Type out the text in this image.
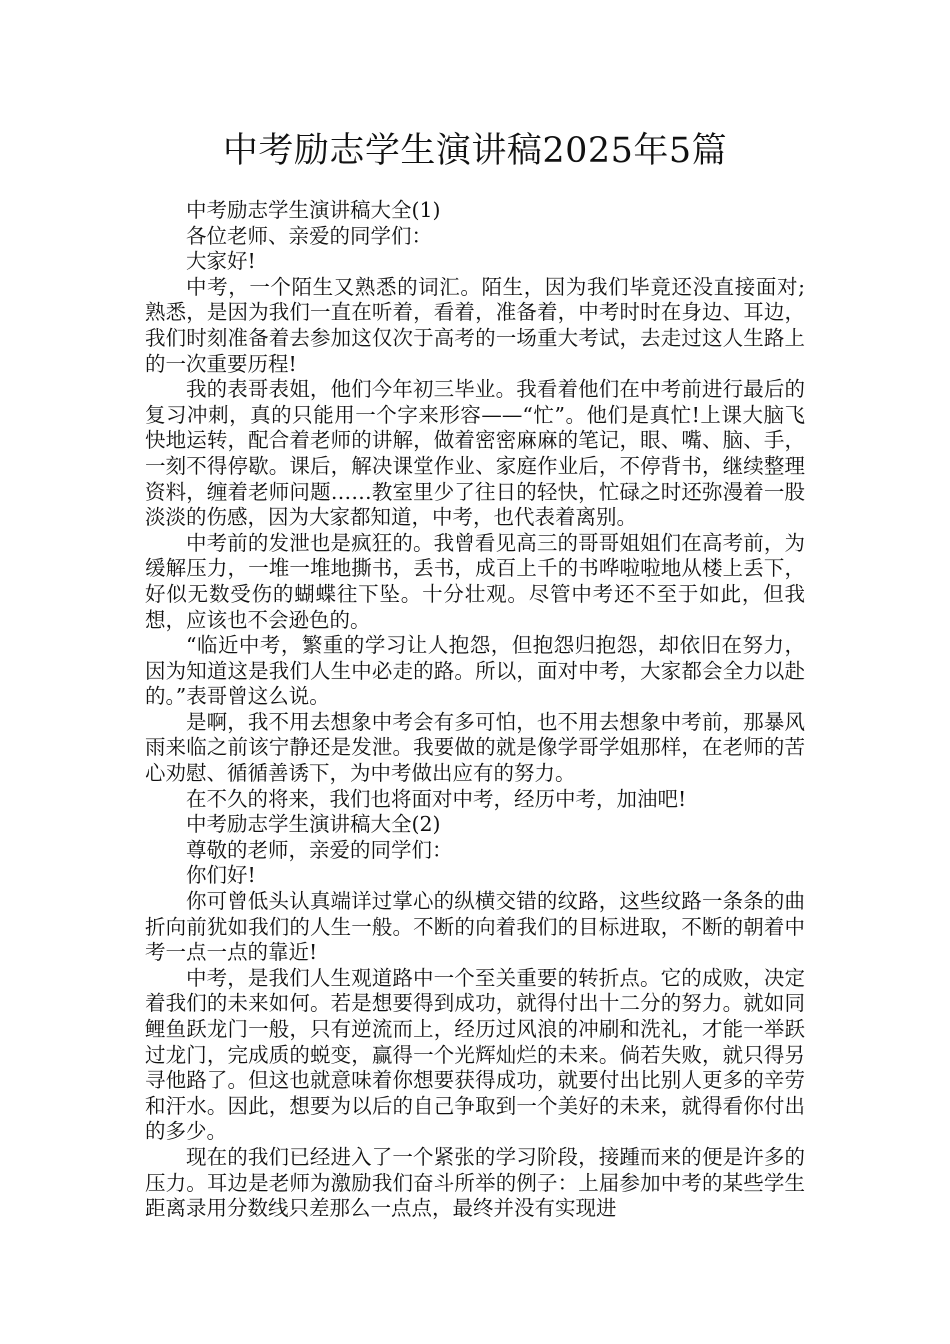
中考励志学生演讲稿2025年5篇

中考励志学生演讲稿大全(1)

各位老师、亲爱的同学们：

大家好!

中考，一个陌生又熟悉的词汇。陌生，因为我们毕竟还没直接面对;熟悉，是因为我们一直在听着，看着，准备着，中考时时在身边、耳边，我们时刻准备着去参加这仅次于高考的一场重大考试，去走过这人生路上的一次重要历程!

我的表哥表姐，他们今年初三毕业。我看着他们在中考前进行最后的复习冲刺，真的只能用一个字来形容——“忙”。他们是真忙!上课大脑飞快地运转，配合着老师的讲解，做着密密麻麻的笔记，眼、嘴、脑、手，一刻不得停歇。课后，解决课堂作业、家庭作业后，不停背书，继续整理资料，缠着老师问题……教室里少了往日的轻快，忙碌之时还弥漫着一股淡淡的伤感，因为大家都知道，中考，也代表着离别。

中考前的发泄也是疯狂的。我曾看见高三的哥哥姐姐们在高考前，为缓解压力，一堆一堆地撕书，丢书，成百上千的书哗啦啦地从楼上丢下，好似无数受伤的蝴蝶往下坠。十分壮观。尽管中考还不至于如此，但我想，应该也不会逊色的。

“临近中考，繁重的学习让人抱怨，但抱怨归抱怨，却依旧在努力，因为知道这是我们人生中必走的路。所以，面对中考，大家都会全力以赴的。”表哥曾这么说。

是啊，我不用去想象中考会有多可怕，也不用去想象中考前，那暴风雨来临之前该宁静还是发泄。我要做的就是像学哥学姐那样，在老师的苦心劝慰、循循善诱下，为中考做出应有的努力。

在不久的将来，我们也将面对中考，经历中考，加油吧!

中考励志学生演讲稿大全(2)

尊敬的老师，亲爱的同学们：

你们好!

你可曾低头认真端详过掌心的纵横交错的纹路，这些纹路一条条的曲折向前犹如我们的人生一般。不断的向着我们的目标进取，不断的朝着中考一点一点的靠近!

中考，是我们人生观道路中一个至关重要的转折点。它的成败，决定着我们的未来如何。若是想要得到成功，就得付出十二分的努力。就如同鲤鱼跃龙门一般，只有逆流而上，经历过风浪的冲刷和洗礼，才能一举跃过龙门，完成质的蜕变，赢得一个光辉灿烂的未来。倘若失败，就只得另寻他路了。但这也就意味着你想要获得成功，就要付出比别人更多的辛劳和汗水。因此，想要为以后的自己争取到一个美好的未来，就得看你付出的多少。

现在的我们已经进入了一个紧张的学习阶段，接踵而来的便是许多的压力。耳边是老师为激励我们奋斗所举的例子：上届参加中考的某些学生距离录用分数线只差那么一点点，最终并没有实现进
